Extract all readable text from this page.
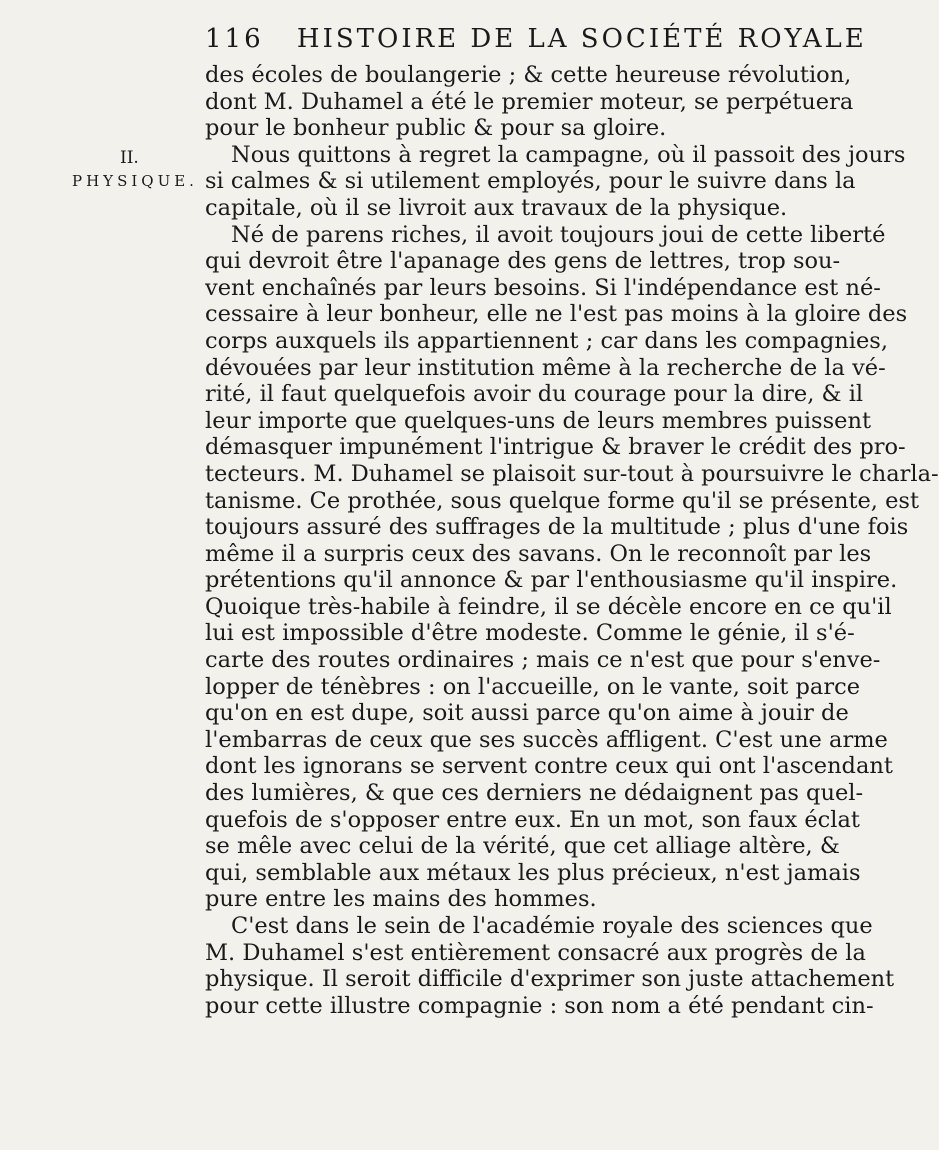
116 HISTOIRE DE LA SOCIÉTÉ ROYALE
II.
PHYSIQUE.
des écoles de boulangerie ; & cette heureuse révolution,
dont M. Duhamel a été le premier moteur, se perpétuera
pour le bonheur public & pour sa gloire.
Nous quittons à regret la campagne, où il passoit des jours
si calmes & si utilement employés, pour le suivre dans la
capitale, où il se livroit aux travaux de la physique.
Né de parens riches, il avoit toujours joui de cette liberté
qui devroit être l'apanage des gens de lettres, trop sou-
vent enchaînés par leurs besoins. Si l'indépendance est né-
cessaire à leur bonheur, elle ne l'est pas moins à la gloire des
corps auxquels ils appartiennent ; car dans les compagnies,
dévouées par leur institution même à la recherche de la vé-
rité, il faut quelquefois avoir du courage pour la dire, & il
leur importe que quelques-uns de leurs membres puissent
démasquer impunément l'intrigue & braver le crédit des pro-
tecteurs. M. Duhamel se plaisoit sur-tout à poursuivre le charla-
tanisme. Ce prothée, sous quelque forme qu'il se présente, est
toujours assuré des suffrages de la multitude ; plus d'une fois
même il a surpris ceux des savans. On le reconnoît par les
prétentions qu'il annonce & par l'enthousiasme qu'il inspire.
Quoique très-habile à feindre, il se décèle encore en ce qu'il
lui est impossible d'être modeste. Comme le génie, il s'é-
carte des routes ordinaires ; mais ce n'est que pour s'enve-
lopper de ténèbres : on l'accueille, on le vante, soit parce
qu'on en est dupe, soit aussi parce qu'on aime à jouir de
l'embarras de ceux que ses succès affligent. C'est une arme
dont les ignorans se servent contre ceux qui ont l'ascendant
des lumières, & que ces derniers ne dédaignent pas quel-
quefois de s'opposer entre eux. En un mot, son faux éclat
se mêle avec celui de la vérité, que cet alliage altère, &
qui, semblable aux métaux les plus précieux, n'est jamais
pure entre les mains des hommes.
C'est dans le sein de l'académie royale des sciences que
M. Duhamel s'est entièrement consacré aux progrès de la
physique. Il seroit difficile d'exprimer son juste attachement
pour cette illustre compagnie : son nom a été pendant cin-
